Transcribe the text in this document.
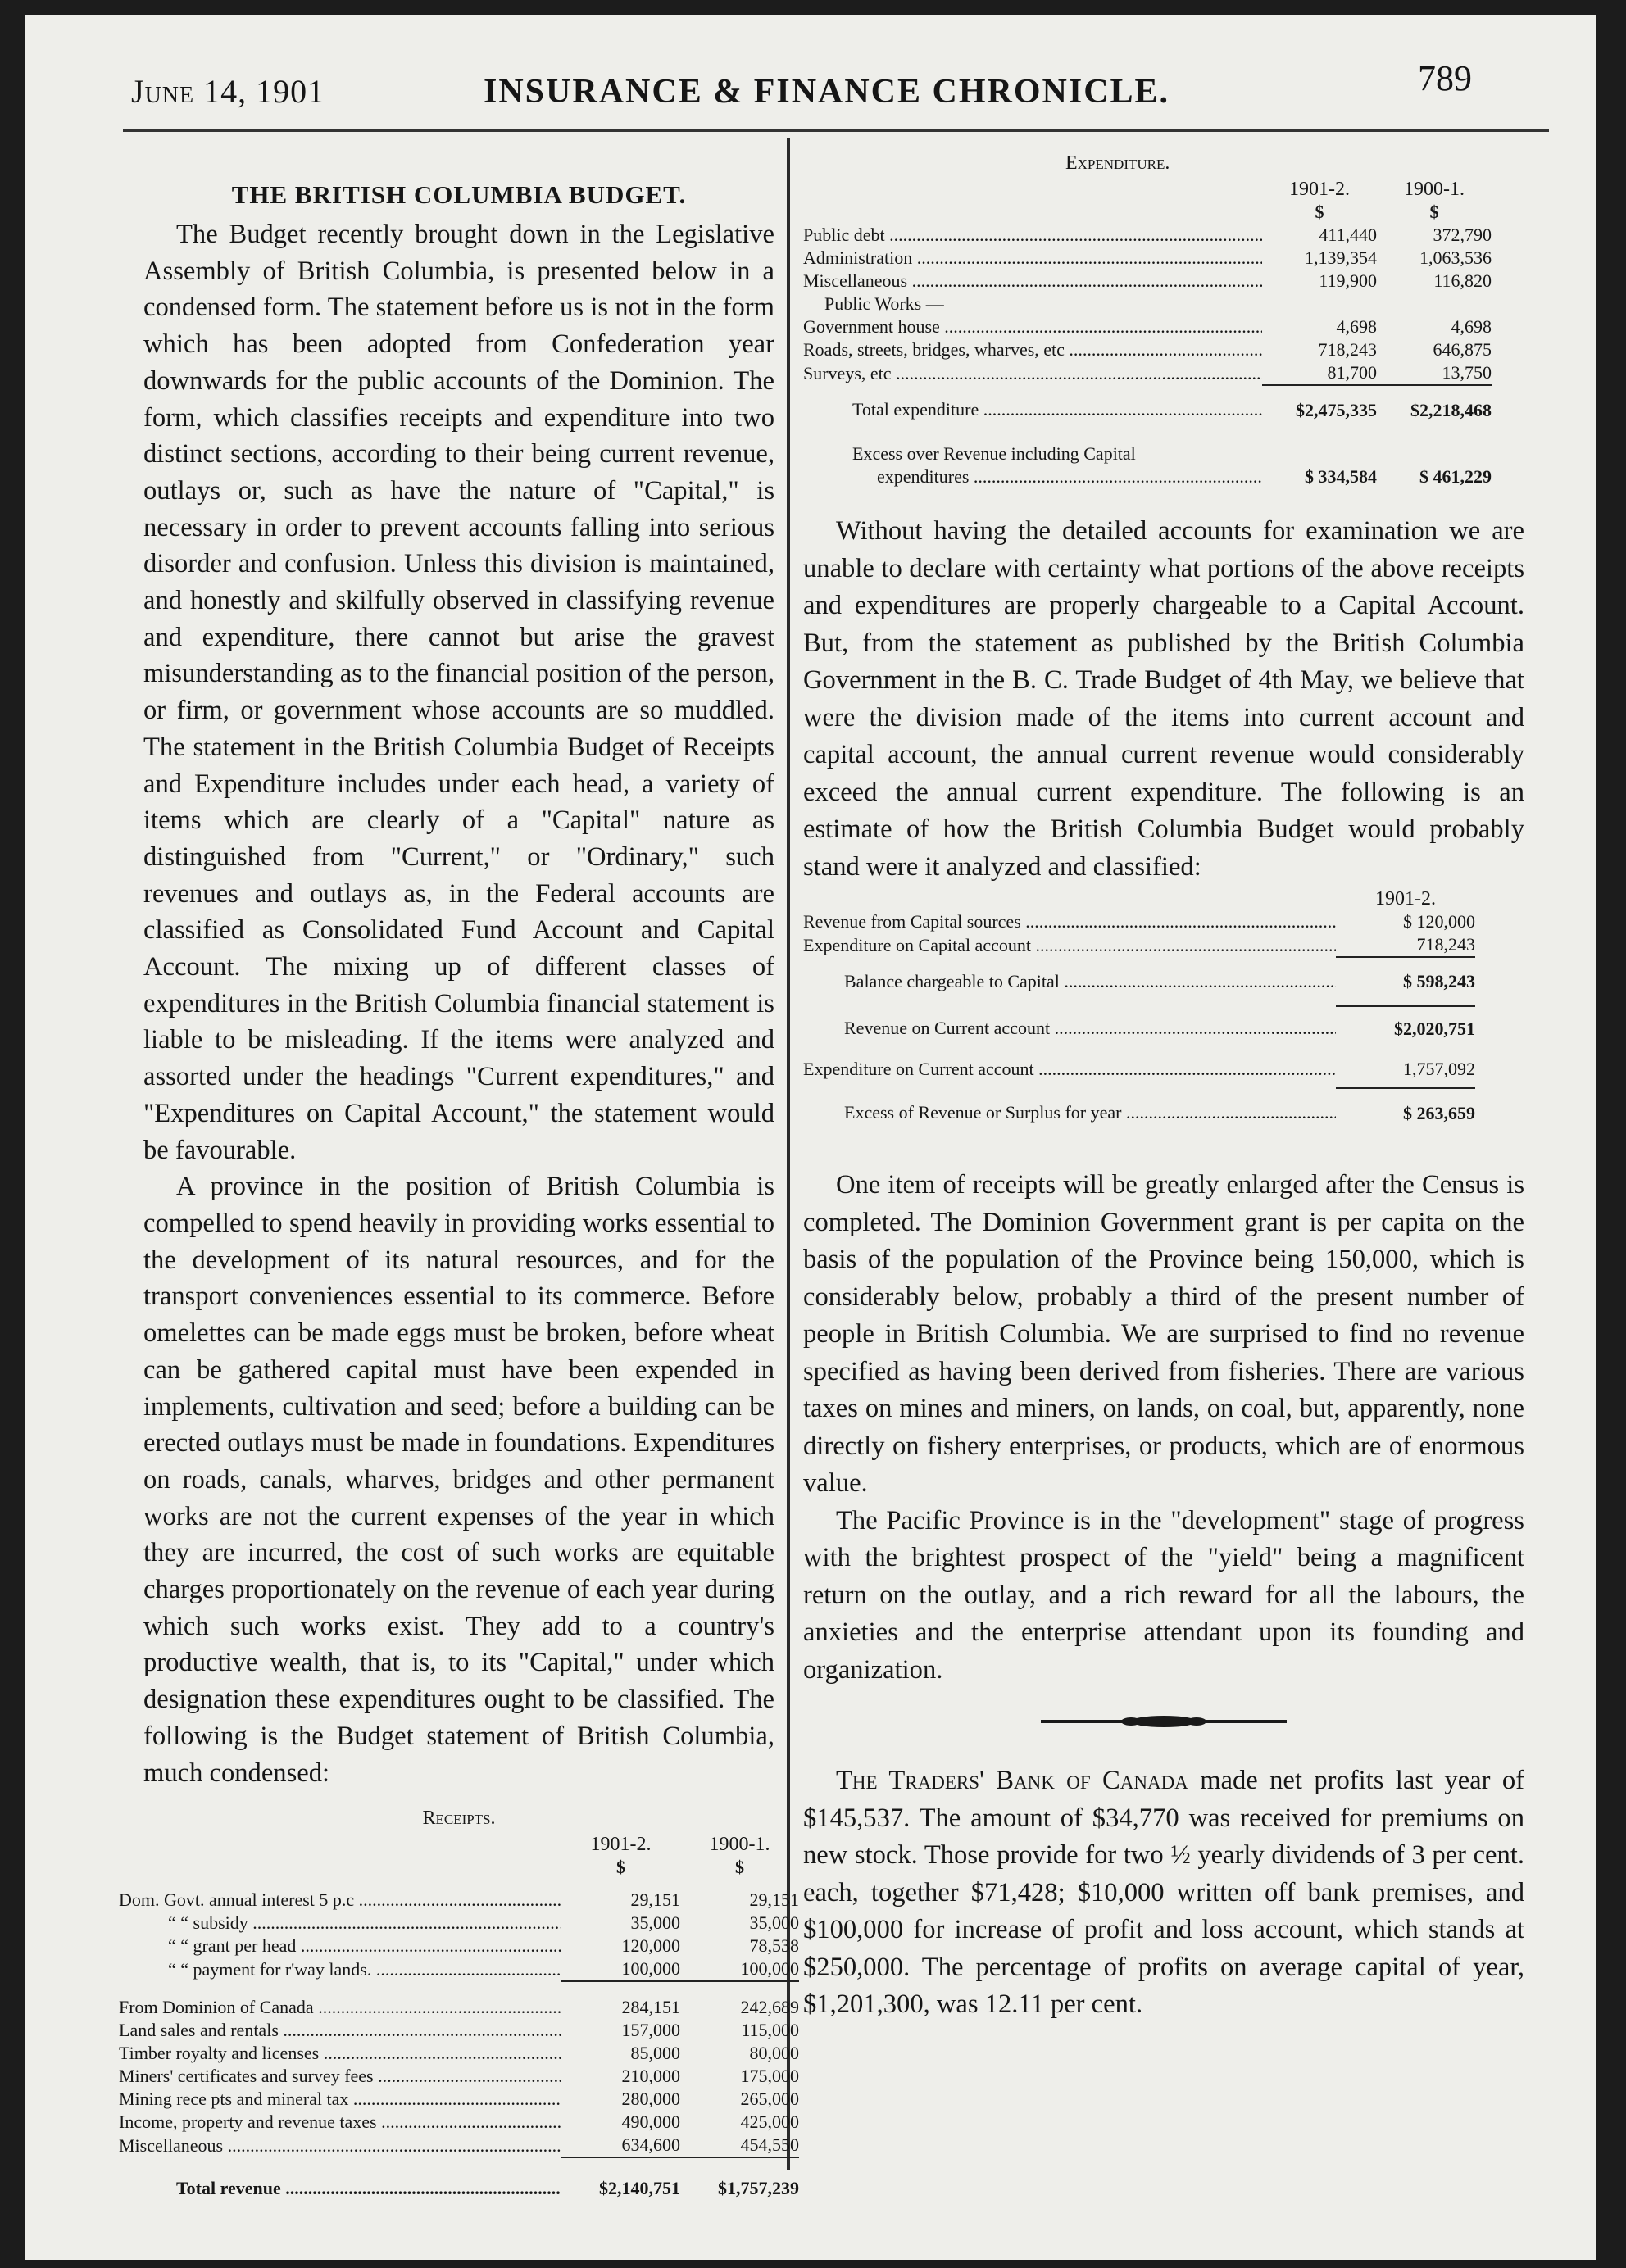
June 14, 1901	INSURANCE & FINANCE CHRONICLE.	789
THE BRITISH COLUMBIA BUDGET.

The Budget recently brought down in the Legislative Assembly of British Columbia, is presented below in a condensed form. The statement before us is not in the form which has been adopted from Confederation year downwards for the public accounts of the Dominion. The form, which classifies receipts and expenditure into two distinct sections, according to their being current revenue, outlays or, such as have the nature of "Capital," is necessary in order to prevent accounts falling into serious disorder and confusion. Unless this division is maintained, and honestly and skilfully observed in classifying revenue and expenditure, there cannot but arise the gravest misunderstanding as to the financial position of the person, or firm, or government whose accounts are so muddled. The statement in the British Columbia Budget of Receipts and Expenditure includes under each head, a variety of items which are clearly of a "Capital" nature as distinguished from "Current," or "Ordinary," such revenues and outlays as, in the Federal accounts are classified as Consolidated Fund Account and Capital Account. The mixing up of different classes of expenditures in the British Columbia financial statement is liable to be misleading. If the items were analyzed and assorted under the headings "Current expenditures," and "Expenditures on Capital Account," the statement would be favourable.

A province in the position of British Columbia is compelled to spend heavily in providing works essential to the development of its natural resources, and for the transport conveniences essential to its commerce. Before omelettes can be made eggs must be broken, before wheat can be gathered capital must have been expended in implements, cultivation and seed; before a building can be erected outlays must be made in foundations. Expenditures on roads, canals, wharves, bridges and other permanent works are not the current expenses of the year in which they are incurred, the cost of such works are equitable charges proportionately on the revenue of each year during which such works exist. They add to a country's productive wealth, that is, to its "Capital," under which designation these expenditures ought to be classified. The following is the Budget statement of British Columbia, much condensed:

Receipts.
	1901-2.	1900-1.
	$	$

Dom. Govt. annual interest 5 p.c .....	29,151	29,151

“ “ subsidy .....	35,000	35,000

“ “ grant per head .....	120,000	78,538

“ “ payment for r'way lands. .....	100,000	100,000

From Dominion of Canada .....	284,151	242,689

Land sales and rentals .....	157,000	115,000

Timber royalty and licenses .....	85,000	80,000

Miners' certificates and survey fees .....	210,000	175,000

Mining rece pts and mineral tax .....	280,000	265,000

Income, property and revenue taxes .....	490,000	425,000

Miscellaneous .....	634,600	454,550

Total revenue .....	$2,140,751	$1,757,239
Expenditure.
	1901-2.	1900-1.
	$	$

Public debt .....	411,440	372,790

Administration .....	1,139,354	1,063,536

Miscellaneous .....	119,900	116,820
Public Works —		

Government house .....	4,698	4,698

Roads, streets, bridges, wharves, etc .....	718,243	646,875

Surveys, etc .....	81,700	13,750

Total expenditure .....	$2,475,335	$2,218,468
Excess over Revenue including Capital		

expenditures .....	$ 334,584	$ 461,229

Without having the detailed accounts for examination we are unable to declare with certainty what portions of the above receipts and expenditures are properly chargeable to a Capital Account. But, from the statement as published by the British Columbia Government in the B. C. Trade Budget of 4th May, we believe that were the division made of the items into current account and capital account, the annual current revenue would considerably exceed the annual current expenditure. The following is an estimate of how the British Columbia Budget would probably stand were it analyzed and classified:

	1901-2.

Revenue from Capital sources .....	$ 120,000

Expenditure on Capital account .....	718,243

Balance chargeable to Capital .....	$ 598,243

Revenue on Current account .....	$2,020,751

Expenditure on Current account .....	1,757,092

Excess of Revenue or Surplus for year .....	$ 263,659

One item of receipts will be greatly enlarged after the Census is completed. The Dominion Government grant is per capita on the basis of the population of the Province being 150,000, which is considerably below, probably a third of the present number of people in British Columbia. We are surprised to find no revenue specified as having been derived from fisheries. There are various taxes on mines and miners, on lands, on coal, but, apparently, none directly on fishery enterprises, or products, which are of enormous value.

The Pacific Province is in the "development" stage of progress with the brightest prospect of the "yield" being a magnificent return on the outlay, and a rich reward for all the labours, the anxieties and the enterprise attendant upon its founding and organization.

The Traders' Bank of Canada made net profits last year of $145,537. The amount of $34,770 was received for premiums on new stock. Those provide for two ½ yearly dividends of 3 per cent. each, together $71,428; $10,000 written off bank premises, and $100,000 for increase of profit and loss account, which stands at $250,000. The percentage of profits on average capital of year, $1,201,300, was 12.11 per cent.
